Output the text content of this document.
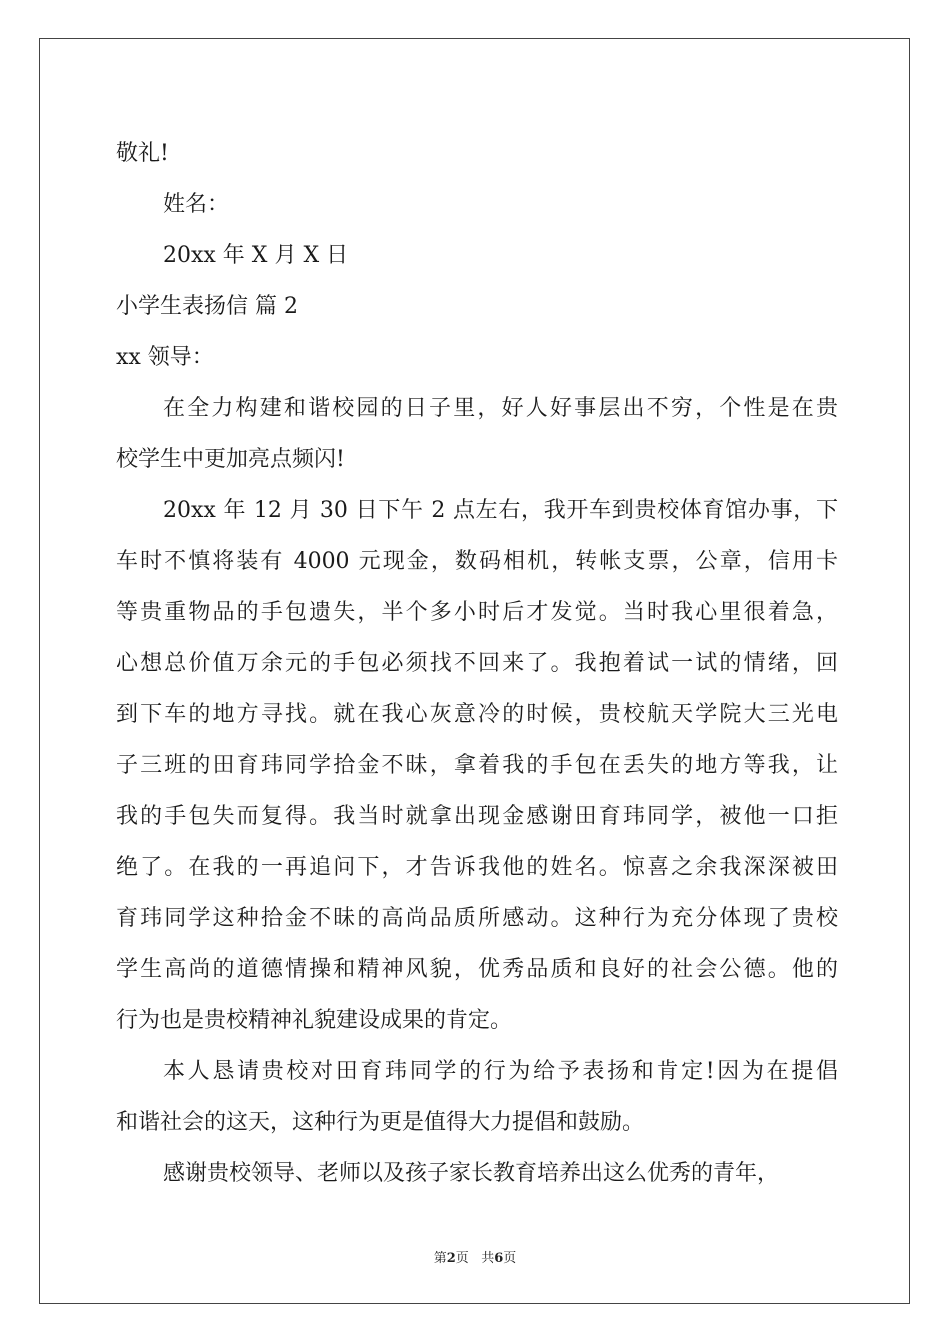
敬礼!

姓名：

20xx 年 X 月 X 日

小学生表扬信 篇 2

xx 领导：

在全力构建和谐校园的日子里，好人好事层出不穷，个性是在贵

校学生中更加亮点频闪!

20xx 年 12 月 30 日下午 2 点左右，我开车到贵校体育馆办事，下

车时不慎将装有 4000 元现金，数码相机，转帐支票，公章，信用卡

等贵重物品的手包遗失，半个多小时后才发觉。当时我心里很着急，

心想总价值万余元的手包必须找不回来了。我抱着试一试的情绪，回

到下车的地方寻找。就在我心灰意冷的时候，贵校航天学院大三光电

子三班的田育玮同学拾金不昧，拿着我的手包在丢失的地方等我，让

我的手包失而复得。我当时就拿出现金感谢田育玮同学，被他一口拒

绝了。在我的一再追问下，才告诉我他的姓名。惊喜之余我深深被田

育玮同学这种拾金不昧的高尚品质所感动。这种行为充分体现了贵校

学生高尚的道德情操和精神风貌，优秀品质和良好的社会公德。他的

行为也是贵校精神礼貌建设成果的肯定。

本人恳请贵校对田育玮同学的行为给予表扬和肯定!因为在提倡

和谐社会的这天，这种行为更是值得大力提倡和鼓励。

感谢贵校领导、老师以及孩子家长教育培养出这么优秀的青年，

第2页 共6页
